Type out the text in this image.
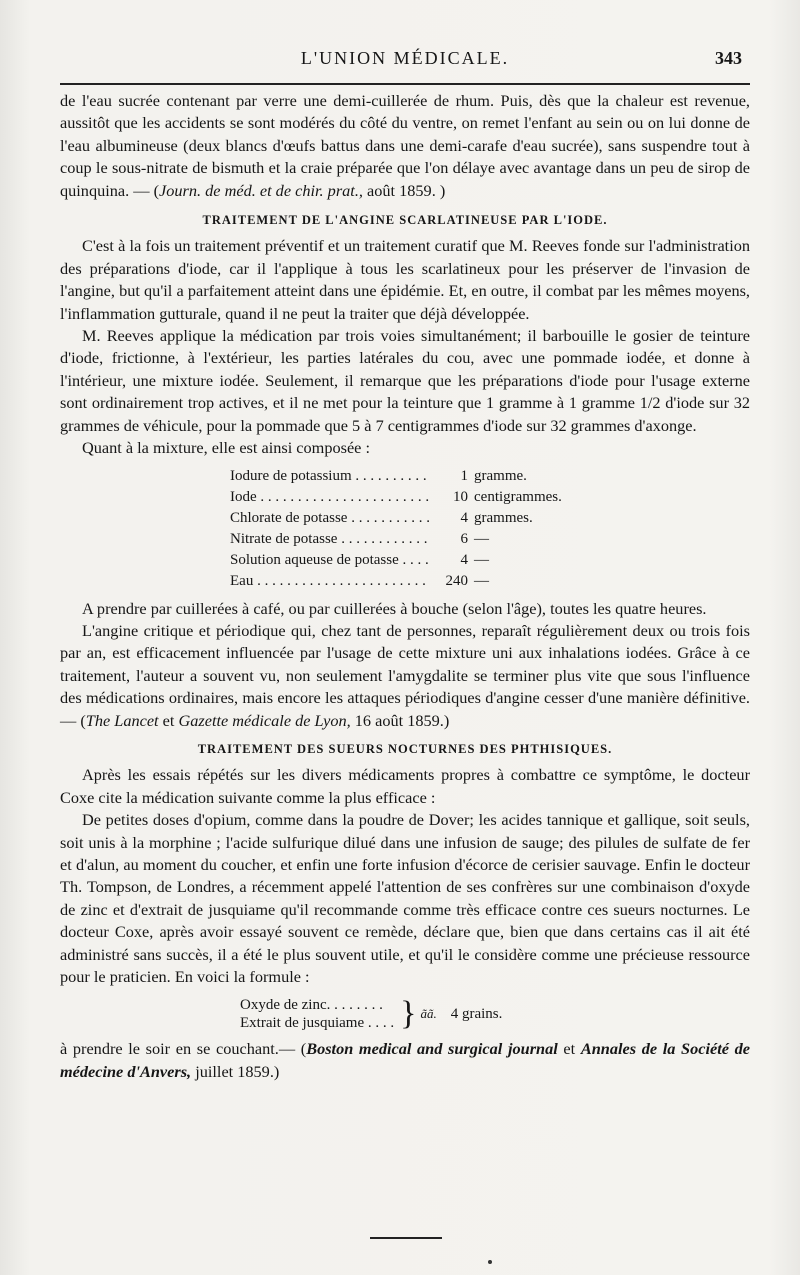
L'UNION MÉDICALE.	343

de l'eau sucrée contenant par verre une demi-cuillerée de rhum. Puis, dès que la chaleur est revenue, aussitôt que les accidents se sont modérés du côté du ventre, on remet l'enfant au sein ou on lui donne de l'eau albumineuse (deux blancs d'œufs battus dans une demi-carafe d'eau sucrée), sans suspendre tout à coup le sous-nitrate de bismuth et la craie préparée que l'on délaye avec avantage dans un peu de sirop de quinquina. — (Journ. de méd. et de chir. prat., août 1859. )

TRAITEMENT DE L'ANGINE SCARLATINEUSE PAR L'IODE.

C'est à la fois un traitement préventif et un traitement curatif que M. Reeves fonde sur l'administration des préparations d'iode, car il l'applique à tous les scarlatineux pour les préserver de l'invasion de l'angine, but qu'il a parfaitement atteint dans une épidémie. Et, en outre, il combat par les mêmes moyens, l'inflammation gutturale, quand il ne peut la traiter que déjà développée.

M. Reeves applique la médication par trois voies simultanément; il barbouille le gosier de teinture d'iode, frictionne, à l'extérieur, les parties latérales du cou, avec une pommade iodée, et donne à l'intérieur, une mixture iodée. Seulement, il remarque que les préparations d'iode pour l'usage externe sont ordinairement trop actives, et il ne met pour la teinture que 1 gramme à 1 gramme 1/2 d'iode sur 32 grammes de véhicule, pour la pommade que 5 à 7 centigrammes d'iode sur 32 grammes d'axonge.

Quant à la mixture, elle est ainsi composée :

Iodure de potassium . . .	1 gramme.
Iode . . .	10 centigrammes.
Chlorate de potasse . . .	4 grammes.
Nitrate de potasse . . .	6 —
Solution aqueuse de potasse . . .	4 —
Eau . . .	240 —

A prendre par cuillerées à café, ou par cuillerées à bouche (selon l'âge), toutes les quatre heures.

L'angine critique et périodique qui, chez tant de personnes, reparaît régulièrement deux ou trois fois par an, est efficacement influencée par l'usage de cette mixture uni aux inhalations iodées. Grâce à ce traitement, l'auteur a souvent vu, non seulement l'amygdalite se terminer plus vite que sous l'influence des médications ordinaires, mais encore les attaques périodiques d'angine cesser d'une manière définitive. — (The Lancet et Gazette médicale de Lyon, 16 août 1859.)

TRAITEMENT DES SUEURS NOCTURNES DES PHTHISIQUES.

Après les essais répétés sur les divers médicaments propres à combattre ce symptôme, le docteur Coxe cite la médication suivante comme la plus efficace :

De petites doses d'opium, comme dans la poudre de Dover; les acides tannique et gallique, soit seuls, soit unis à la morphine ; l'acide sulfurique dilué dans une infusion de sauge; des pilules de sulfate de fer et d'alun, au moment du coucher, et enfin une forte infusion d'écorce de cerisier sauvage. Enfin le docteur Th. Tompson, de Londres, a récemment appelé l'attention de ses confrères sur une combinaison d'oxyde de zinc et d'extrait de jusquiame qu'il recommande comme très efficace contre ces sueurs nocturnes. Le docteur Coxe, après avoir essayé souvent ce remède, déclare que, bien que dans certains cas il ait été administré sans succès, il a été le plus souvent utile, et qu'il le considère comme une précieuse ressource pour le praticien. En voici la formule :

Oxyde de zinc. . . . . . . .
Extrait de jusquiame . . . . } ãã. 4 grains.

à prendre le soir en se couchant.— (Boston medical and surgical journal et Annales de la Société de médecine d'Anvers, juillet 1859.)
